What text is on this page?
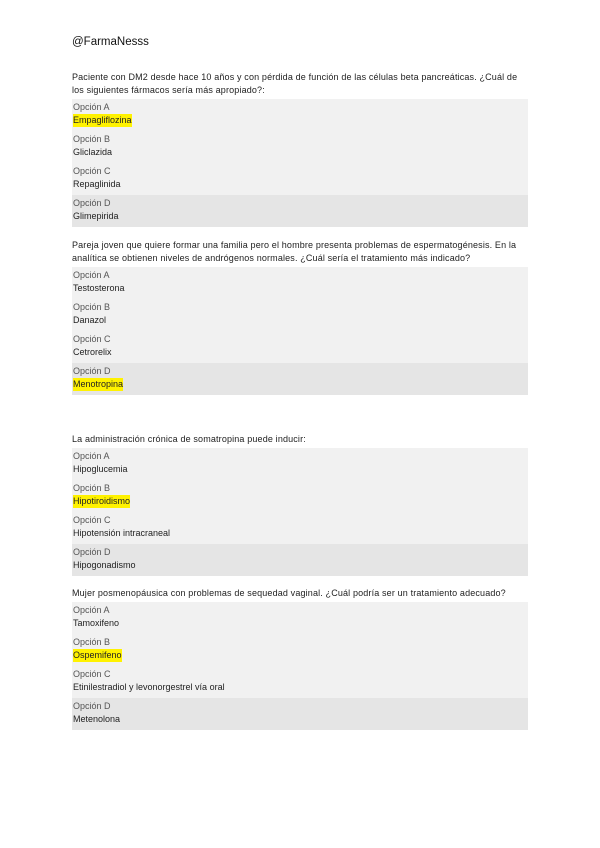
@FarmaNesss
Paciente con DM2 desde hace 10 años y con pérdida de función de las células beta pancreáticas. ¿Cuál de los siguientes fármacos sería más apropiado?:
Opción A
Empagliflozina
Opción B
Gliclazida
Opción C
Repaglinida
Opción D
Glimepirida
Pareja joven que quiere formar una familia pero el hombre presenta problemas de espermatogénesis. En la analítica se obtienen niveles de andrógenos normales. ¿Cuál sería el tratamiento más indicado?
Opción A
Testosterona
Opción B
Danazol
Opción C
Cetrorelix
Opción D
Menotropina
La administración crónica de somatropina puede inducir:
Opción A
Hipoglucemia
Opción B
Hipotiroidismo
Opción C
Hipotensión intracraneal
Opción D
Hipogonadismo
Mujer posmenopáusica con problemas de sequedad vaginal. ¿Cuál podría ser un tratamiento adecuado?
Opción A
Tamoxifeno
Opción B
Ospemifeno
Opción C
Etinilestradiol y levonorgestrel vía oral
Opción D
Metenolona
